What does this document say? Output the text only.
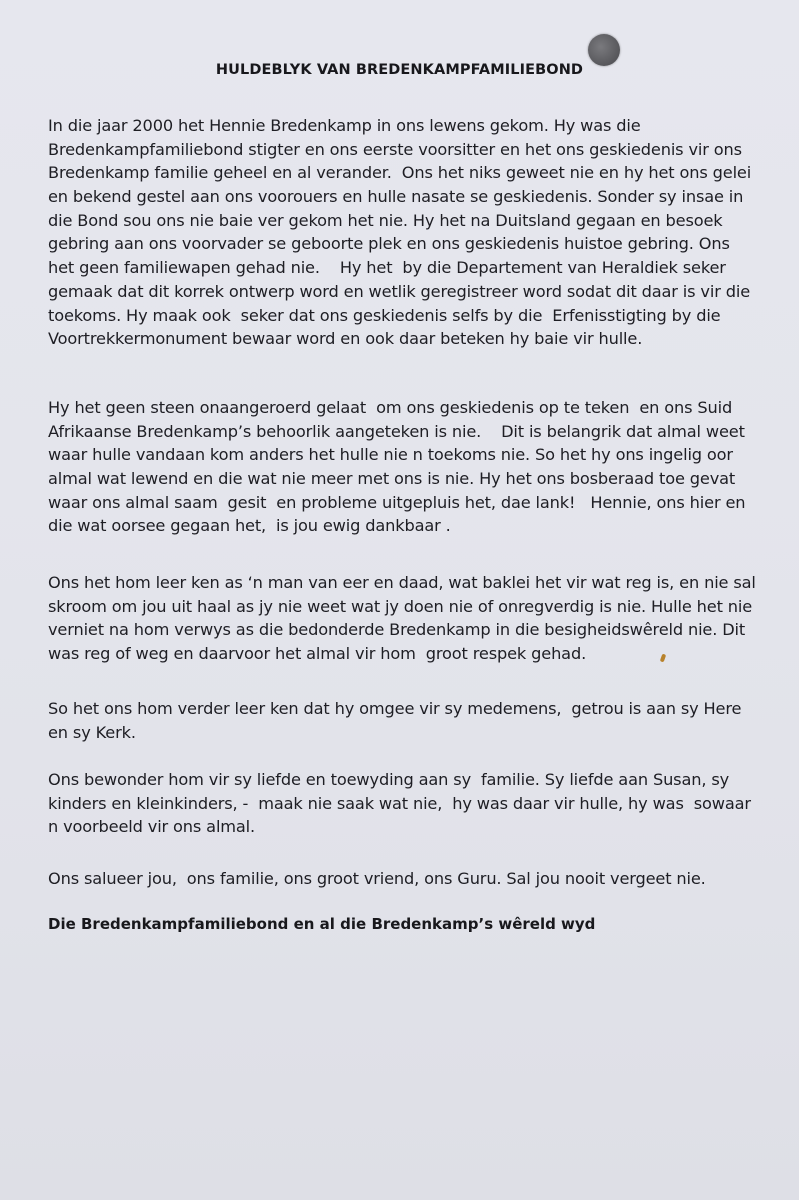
HULDEBLYK VAN BREDENKAMPFAMILIEBOND
In die jaar 2000 het Hennie Bredenkamp in ons lewens gekom. Hy was die
Bredenkampfamiliebond stigter en ons eerste voorsitter en het ons geskiedenis vir ons
Bredenkamp familie geheel en al verander.  Ons het niks geweet nie en hy het ons gelei
en bekend gestel aan ons voorouers en hulle nasate se geskiedenis. Sonder sy insae in
die Bond sou ons nie baie ver gekom het nie. Hy het na Duitsland gegaan en besoek
gebring aan ons voorvader se geboorte plek en ons geskiedenis huistoe gebring. Ons
het geen familiewapen gehad nie.    Hy het  by die Departement van Heraldiek seker
gemaak dat dit korrek ontwerp word en wetlik geregistreer word sodat dit daar is vir die
toekoms. Hy maak ook  seker dat ons geskiedenis selfs by die  Erfenisstigting by die
Voortrekkermonument bewaar word en ook daar beteken hy baie vir hulle.
Hy het geen steen onaangeroerd gelaat  om ons geskiedenis op te teken  en ons Suid
Afrikaanse Bredenkamp’s behoorlik aangeteken is nie.    Dit is belangrik dat almal weet
waar hulle vandaan kom anders het hulle nie n toekoms nie. So het hy ons ingelig oor
almal wat lewend en die wat nie meer met ons is nie. Hy het ons bosberaad toe gevat
waar ons almal saam  gesit  en probleme uitgepluis het, dae lank!   Hennie, ons hier en
die wat oorsee gegaan het,  is jou ewig dankbaar .
Ons het hom leer ken as ‘n man van eer en daad, wat baklei het vir wat reg is, en nie sal
skroom om jou uit haal as jy nie weet wat jy doen nie of onregverdig is nie. Hulle het nie
verniet na hom verwys as die bedonderde Bredenkamp in die besigheidswêreld nie. Dit
was reg of weg en daarvoor het almal vir hom  groot respek gehad.
So het ons hom verder leer ken dat hy omgee vir sy medemens,  getrou is aan sy Here
en sy Kerk.
Ons bewonder hom vir sy liefde en toewyding aan sy  familie. Sy liefde aan Susan, sy
kinders en kleinkinders, -  maak nie saak wat nie,  hy was daar vir hulle, hy was  sowaar
n voorbeeld vir ons almal.
Ons salueer jou,  ons familie, ons groot vriend, ons Guru. Sal jou nooit vergeet nie.
Die Bredenkampfamiliebond en al die Bredenkamp’s wêreld wyd
